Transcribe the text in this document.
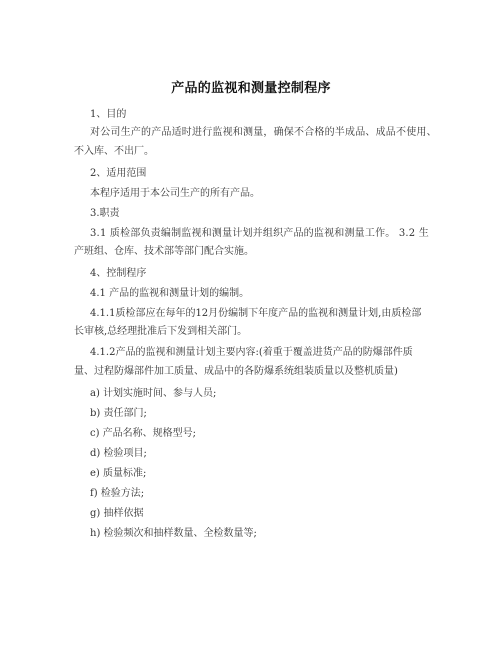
产品的监视和测量控制程序
1、目的
对公司生产的产品适时进行监视和测量，确保不合格的半成品、成品不使用、
不入库、不出厂。
2、适用范围
本程序适用于本公司生产的所有产品。
3.职责
3.1 质检部负责编制监视和测量计划并组织产品的监视和测量工作。 3.2 生
产班组、仓库、技术部等部门配合实施。
4、控制程序
4.1 产品的监视和测量计划的编制。
4.1.1质检部应在每年的12月份编制下年度产品的监视和测量计划,由质检部
长审核,总经理批准后下发到相关部门。
4.1.2产品的监视和测量计划主要内容:(着重于覆盖进货产品的防爆部件质
量、过程防爆部件加工质量、成品中的各防爆系统组装质量以及整机质量)
a) 计划实施时间、参与人员;
b) 责任部门;
c) 产品名称、规格型号;
d) 检验项目;
e) 质量标准;
f) 检验方法;
g) 抽样依据
h) 检验频次和抽样数量、全检数量等;
